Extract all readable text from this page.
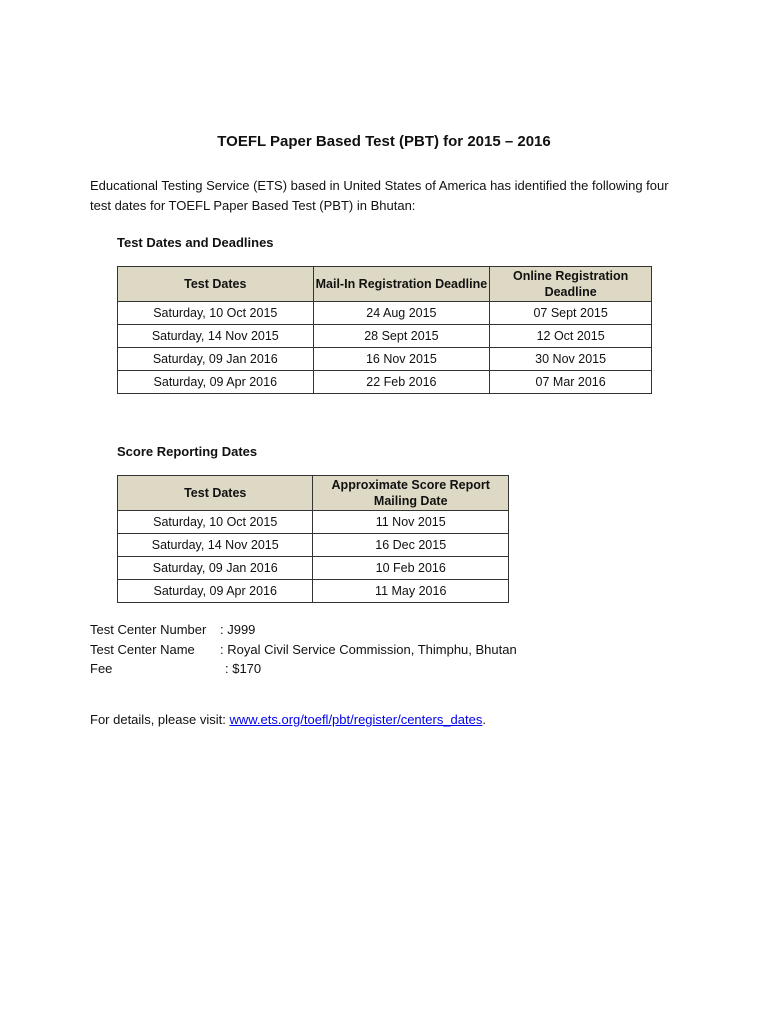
TOEFL Paper Based Test (PBT) for 2015 – 2016
Educational Testing Service (ETS) based in United States of America has identified the following four test dates for TOEFL Paper Based Test (PBT) in Bhutan:
Test Dates and Deadlines
Test Dates	Mail-In Registration Deadline	Online Registration Deadline
Saturday, 10 Oct 2015	24 Aug 2015	07 Sept 2015
Saturday, 14 Nov 2015	28 Sept 2015	12 Oct 2015
Saturday, 09 Jan 2016	16 Nov 2015	30 Nov 2015
Saturday, 09 Apr 2016	22 Feb 2016	07 Mar 2016
Score Reporting Dates
Test Dates	Approximate Score Report Mailing Date
Saturday, 10 Oct 2015	11 Nov 2015
Saturday, 14 Nov 2015	16 Dec 2015
Saturday, 09 Jan 2016	10 Feb 2016
Saturday, 09 Apr 2016	11 May 2016
Test Center Number : J999
Test Center Name : Royal Civil Service Commission, Thimphu, Bhutan
Fee	: $170
For details, please visit: www.ets.org/toefl/pbt/register/centers_dates.
